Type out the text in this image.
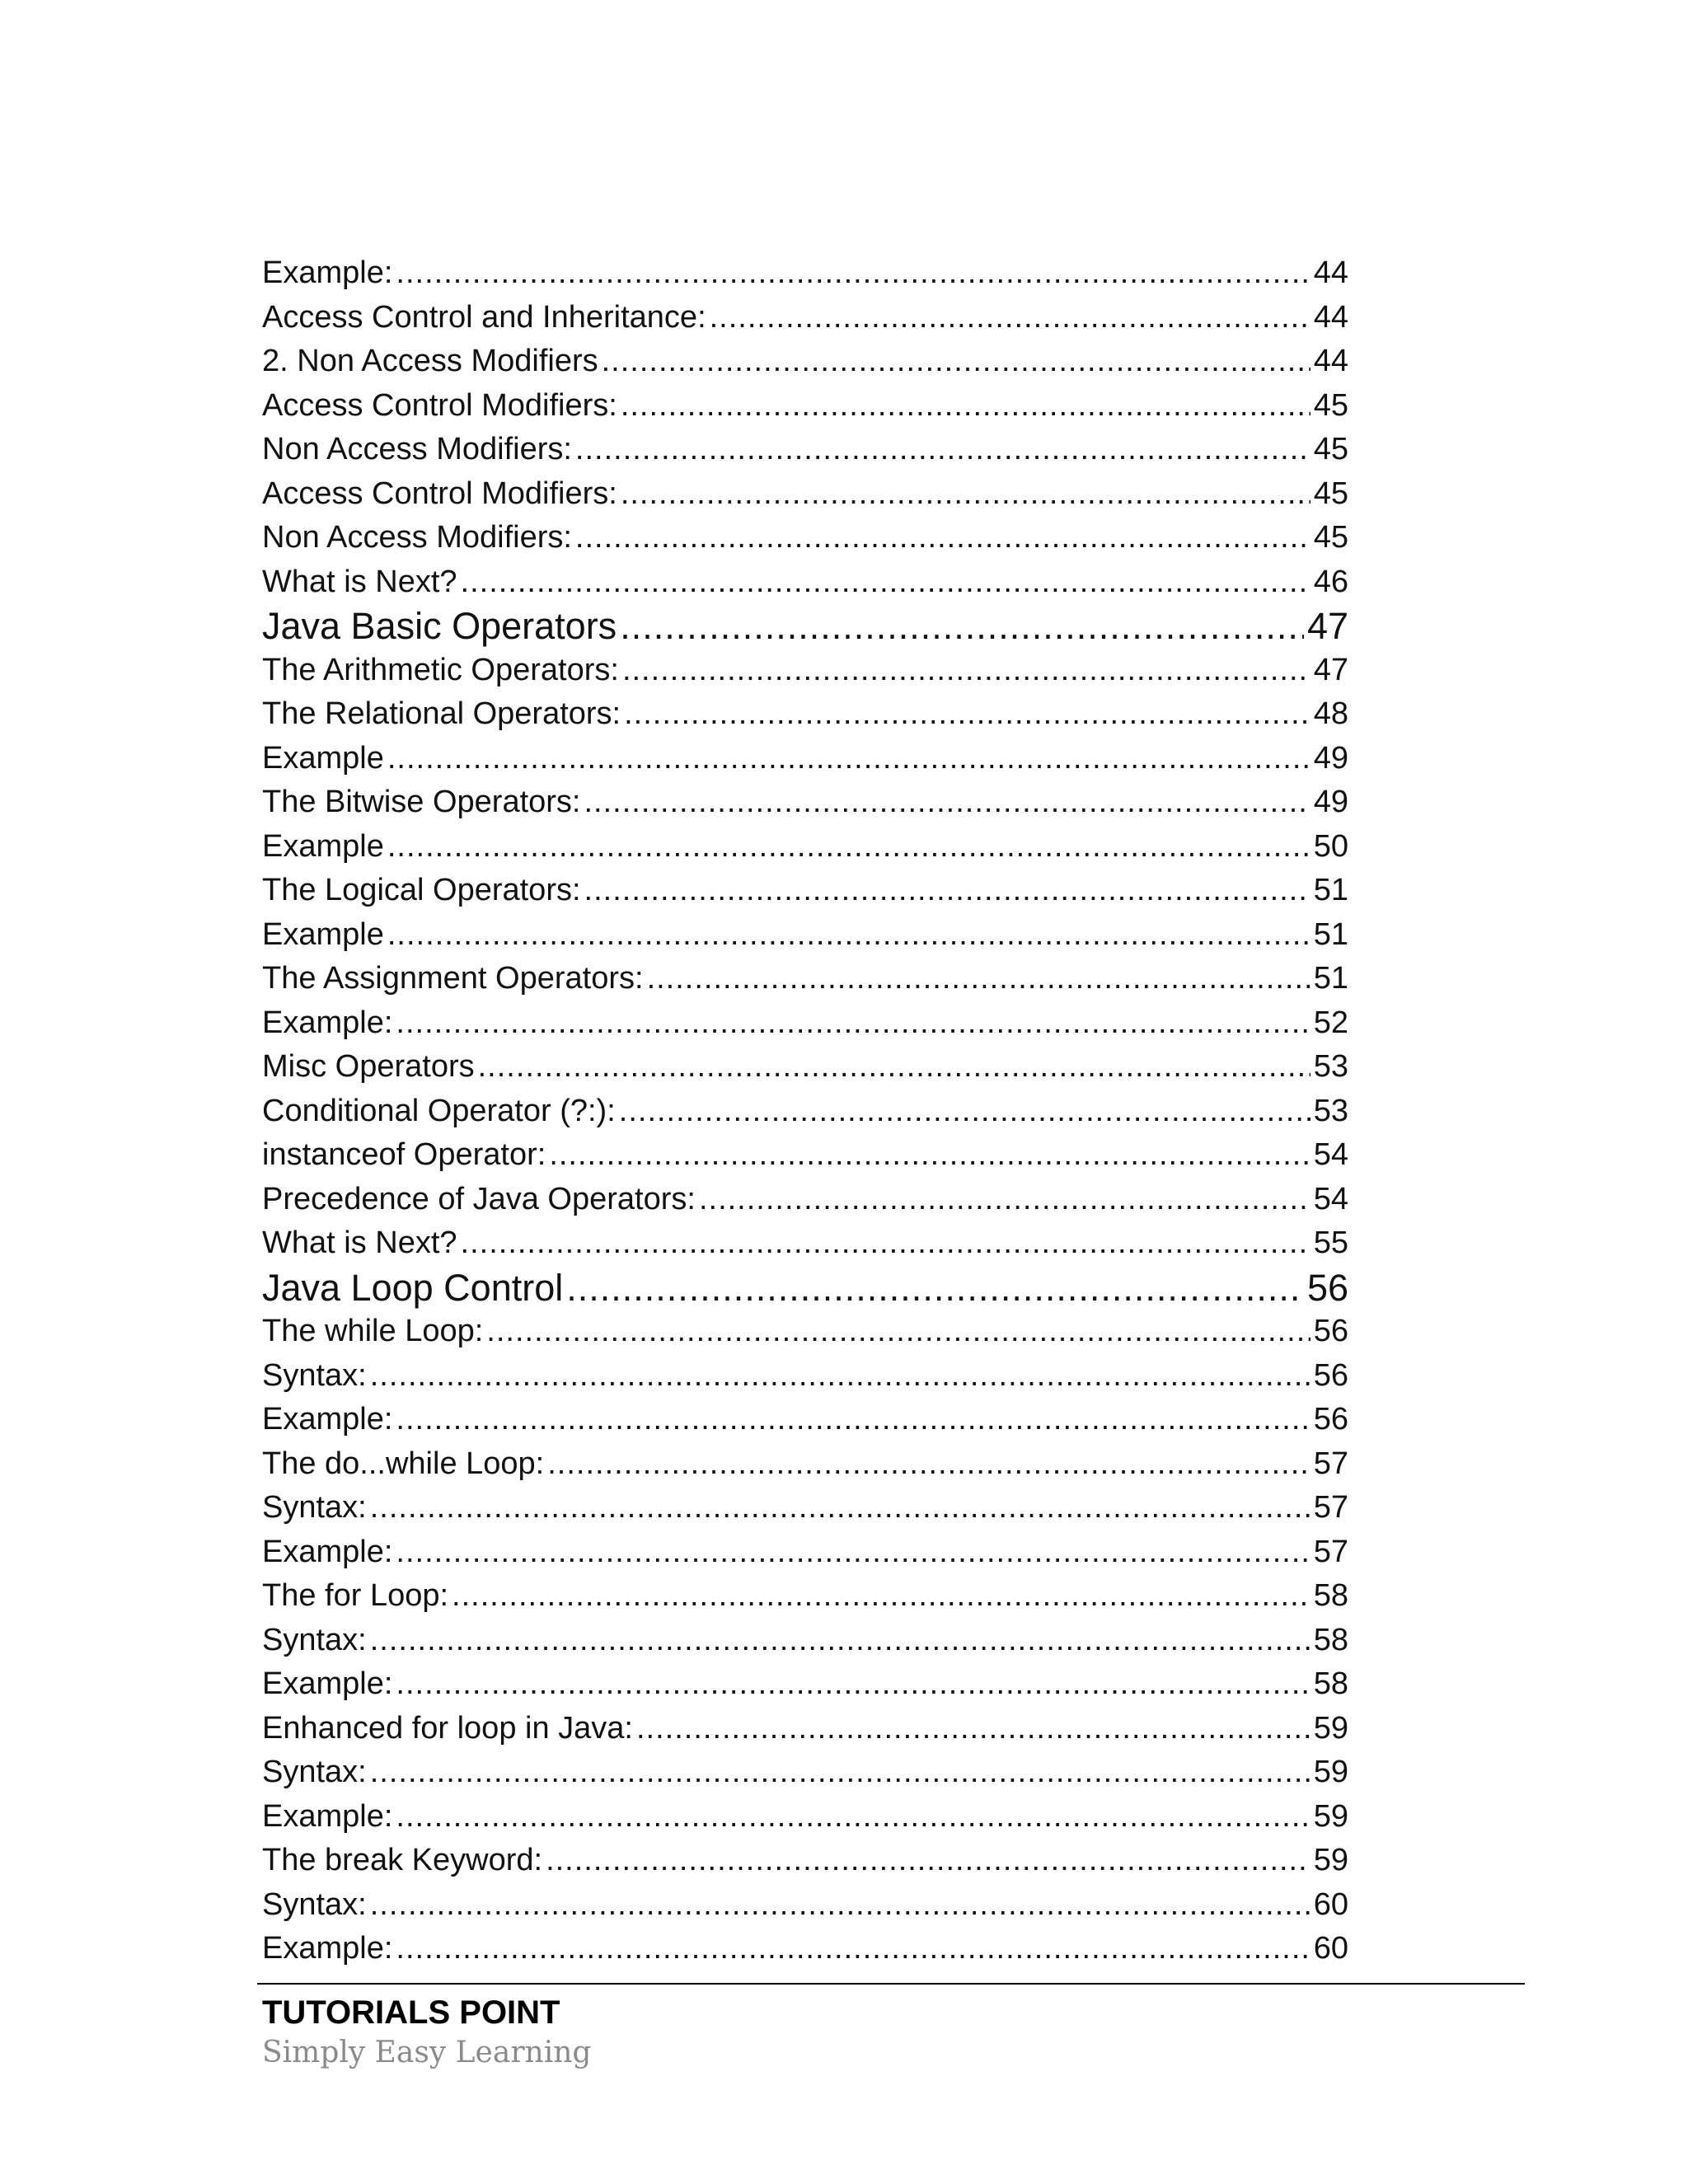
Example: .....	44
Access Control and Inheritance: .....	44
2. Non Access Modifiers .....	44
Access Control Modifiers: .....	45
Non Access Modifiers: .....	45
Access Control Modifiers: .....	45
Non Access Modifiers: .....	45
What is Next? .....	46
Java Basic Operators .....	47
The Arithmetic Operators: .....	47
The Relational Operators: .....	48
Example .....	49
The Bitwise Operators: .....	49
Example .....	50
The Logical Operators: .....	51
Example .....	51
The Assignment Operators: .....	51
Example: .....	52
Misc Operators .....	53
Conditional Operator (?:): .....	53
instanceof Operator: .....	54
Precedence of Java Operators: .....	54
What is Next? .....	55
Java Loop Control .....	56
The while Loop: .....	56
Syntax: .....	56
Example: .....	56
The do...while Loop: .....	57
Syntax: .....	57
Example: .....	57
The for Loop: .....	58
Syntax: .....	58
Example: .....	58
Enhanced for loop in Java: .....	59
Syntax: .....	59
Example: .....	59
The break Keyword: .....	59
Syntax: .....	60
Example: .....	60
TUTORIALS POINT
Simply Easy Learning
